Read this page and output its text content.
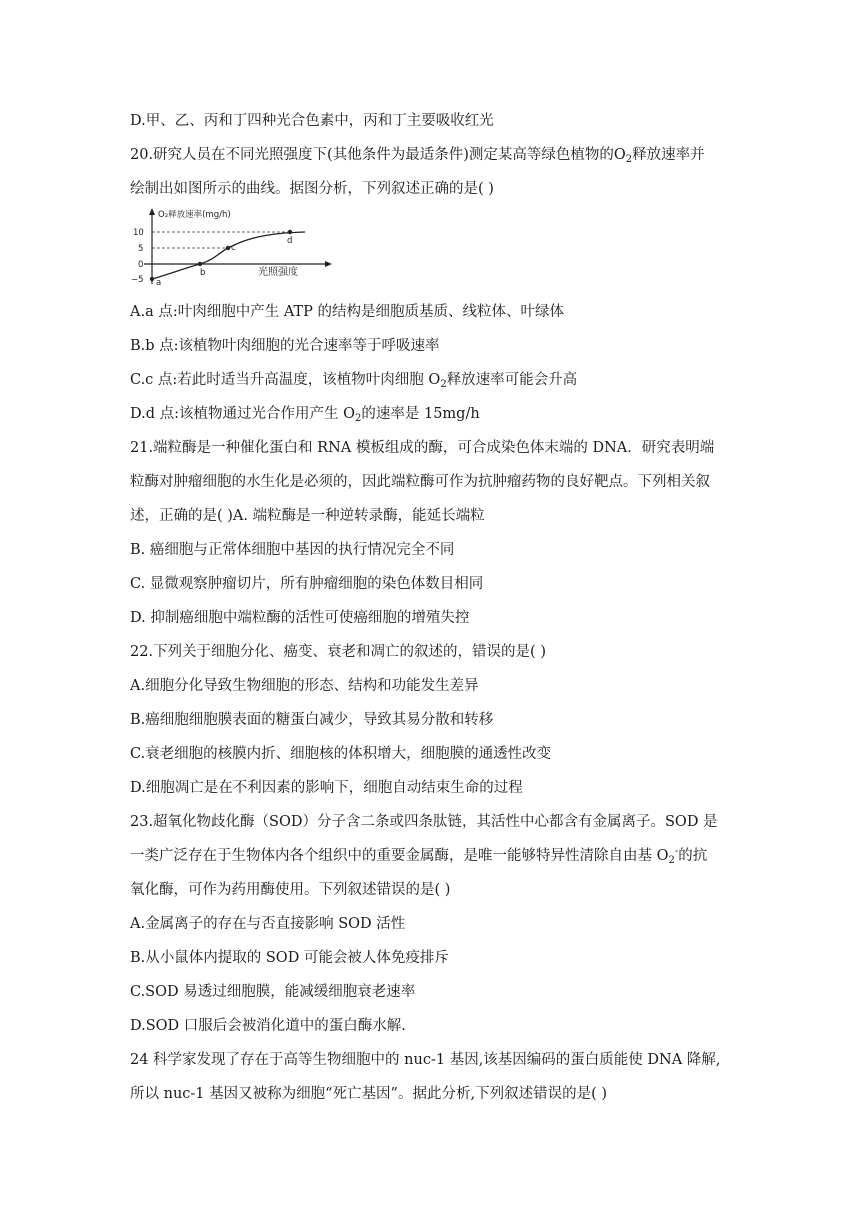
D.甲、乙、丙和丁四种光合色素中，丙和丁主要吸收红光
20.研究人员在不同光照强度下(其他条件为最适条件)测定某高等绿色植物的$O_2$释放速率并
绘制出如图所示的曲线。据图分析，下列叙述正确的是( )
O₂释放速率(mg/h)
光照强度
10
5
0
−5 a
b
c
d
A.a 点:叶肉细胞中产生 ATP 的结构是细胞质基质、线粒体、叶绿体
B.b 点:该植物叶肉细胞的光合速率等于呼吸速率
C.c 点:若此时适当升高温度，该植物叶肉细胞 $O_2$释放速率可能会升高
D.d 点:该植物通过光合作用产生 $O_2$的速率是 15mg/h
21.端粒酶是一种催化蛋白和 RNA 模板组成的酶，可合成染色体末端的 DNA．研究表明端
粒酶对肿瘤细胞的水生化是必须的，因此端粒酶可作为抗肿瘤药物的良好靶点。下列相关叙
述，正确的是( )A. 端粒酶是一种逆转录酶，能延长端粒
B. 癌细胞与正常体细胞中基因的执行情况完全不同
C. 显微观察肿瘤切片，所有肿瘤细胞的染色体数目相同
D. 抑制癌细胞中端粒酶的活性可使癌细胞的增殖失控
22.下列关于细胞分化、癌变、衰老和凋亡的叙述的，错误的是( )
A.细胞分化导致生物细胞的形态、结构和功能发生差异
B.癌细胞细胞膜表面的糖蛋白减少，导致其易分散和转移
C.衰老细胞的核膜内折、细胞核的体积增大，细胞膜的通透性改变
D.细胞凋亡是在不利因素的影响下，细胞自动结束生命的过程
23.超氧化物歧化酶（SOD）分子含二条或四条肽链，其活性中心都含有金属离子。SOD 是
一类广泛存在于生物体内各个组织中的重要金属酶，是唯一能够特异性清除自由基 $O_2^-$的抗
氧化酶，可作为药用酶使用。下列叙述错误的是( )
A.金属离子的存在与否直接影响 SOD 活性
B.从小鼠体内提取的 SOD 可能会被人体免疫排斥
C.SOD 易透过细胞膜，能减缓细胞衰老速率
D.SOD 口服后会被消化道中的蛋白酶水解.
24 科学家发现了存在于高等生物细胞中的 nuc-1 基因,该基因编码的蛋白质能使 DNA 降解,
所以 nuc-1 基因又被称为细胞“死亡基因”。据此分析,下列叙述错误的是( )
